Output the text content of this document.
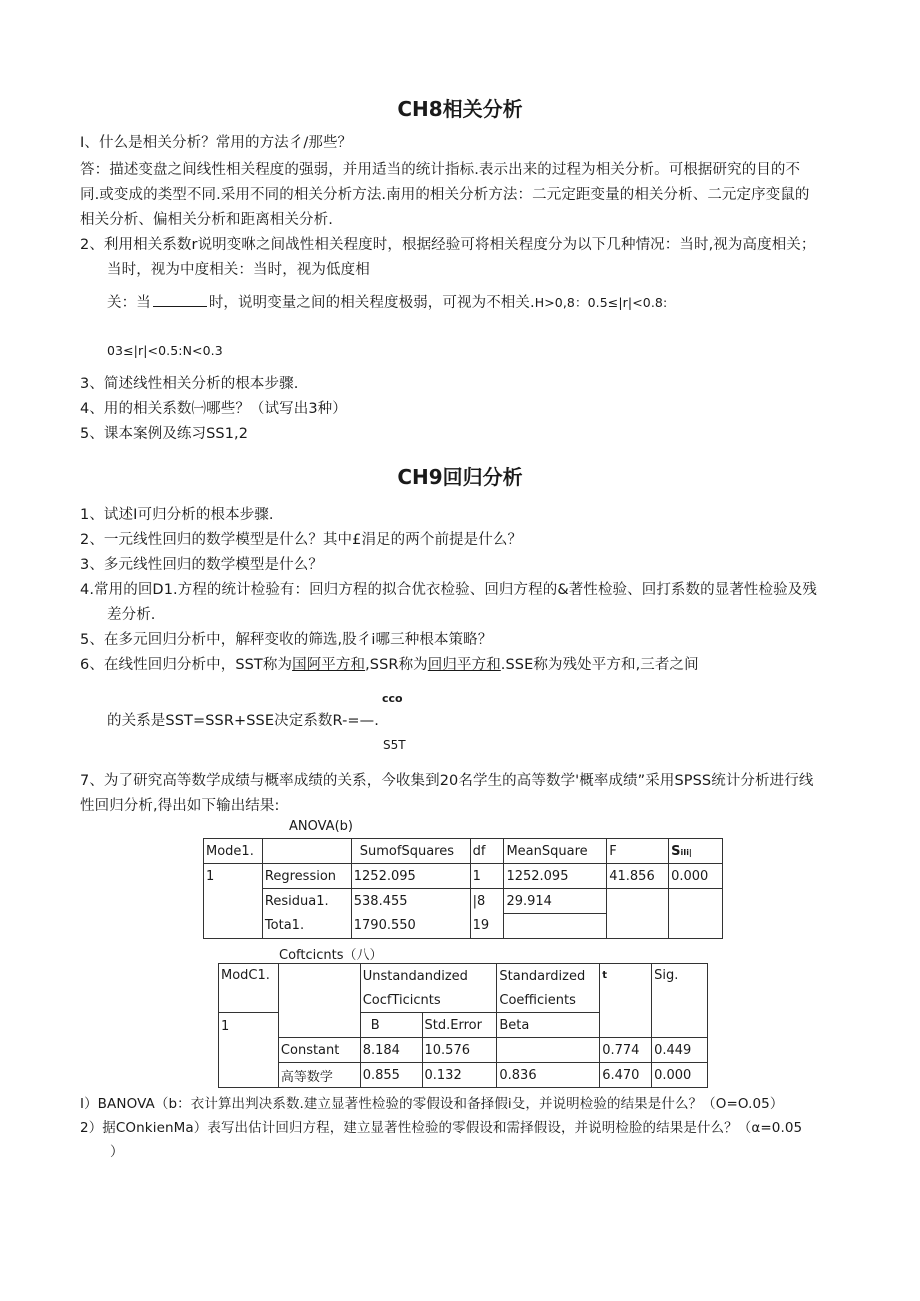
CH8相关分析
I、什么是相关分析？常用的方法彳/那些？
答：描述变盘之间线性相关程度的强弱，并用适当的统计指标.表示出来的过程为相关分析。可根据研究的目的不
同.或变成的类型不同.采用不同的相关分析方法.南用的相关分析方法：二元定距变量的相关分析、二元定序变鼠的
相关分析、偏相关分析和距离相关分析.
2、利用相关系数r说明变咻之间战性相关程度时，根据经验可将相关程度分为以下几种情况：当时,视为高度相关；
当时，视为中度相关：当时，视为低度相
关：当	时，说明变量之间的相关程度极弱，可视为不相关.H>0,8：0.5≤|r|<0.8:
03≤|r|<0.5:N<0.3
3、简述线性相关分析的根本步骤.
4、用的相关系数㈠哪些？（试写出3种）
5、课本案例及练习SS1,2
CH9回归分析
1、试述I可归分析的根本步骤.
2、一元线性回归的数学模型是什么？其中£涓足的两个前提是什么？
3、多元线性回归的数学模型是什么？
4.常用的回D1.方程的统计检验有：回归方程的拟合优衣检验、回归方程的&著性检验、回打系数的显著性检验及残
差分析.
5、在多元回归分析中，解秤变收的筛选,股彳i哪三种根本策略？
6、在线性回归分析中，SST称为国阿平方和,SSR称为回归平方和.SSE称为残处平方和,三者之间
cco
的关系是SST=SSR+SSE决定系数R-=—.
S5T
7、为了研究高等数学成绩与概率成绩的关系，今收集到20名学生的高等数学'概率成绩”采用SPSS统计分析进行线
性回归分析,得出如下输出结果:
ANOVA(b)
Mode1.		SumofSquares	df	MeanSquare	F	SiIi|
1	Regression	1252.095	1	1252.095	41.856	0.000
	Residua1.	538.455	|8	29.914		
	Tota1.	1790.550	19			
Coftcicnts（八）
ModC1.		Unstandandized		Standardized	t	Sig.
		CocfTicicnts		Coefficients		
1		B	Std.Error	Beta		
	Constant	8.184	10.576		0.774	0.449
	高等数学	0.855	0.132	0.836	6.470	0.000
I）BANOVA（b：衣计算出判决系数.建立显著性检验的零假设和备择假i殳，并说明检验的结果是什么？（O=O.05）
2）据COnkienMa）表写出估计回归方程，建立显著性检验的零假设和需择假设，并说明检脸的结果是什么？（α=0.05
）
